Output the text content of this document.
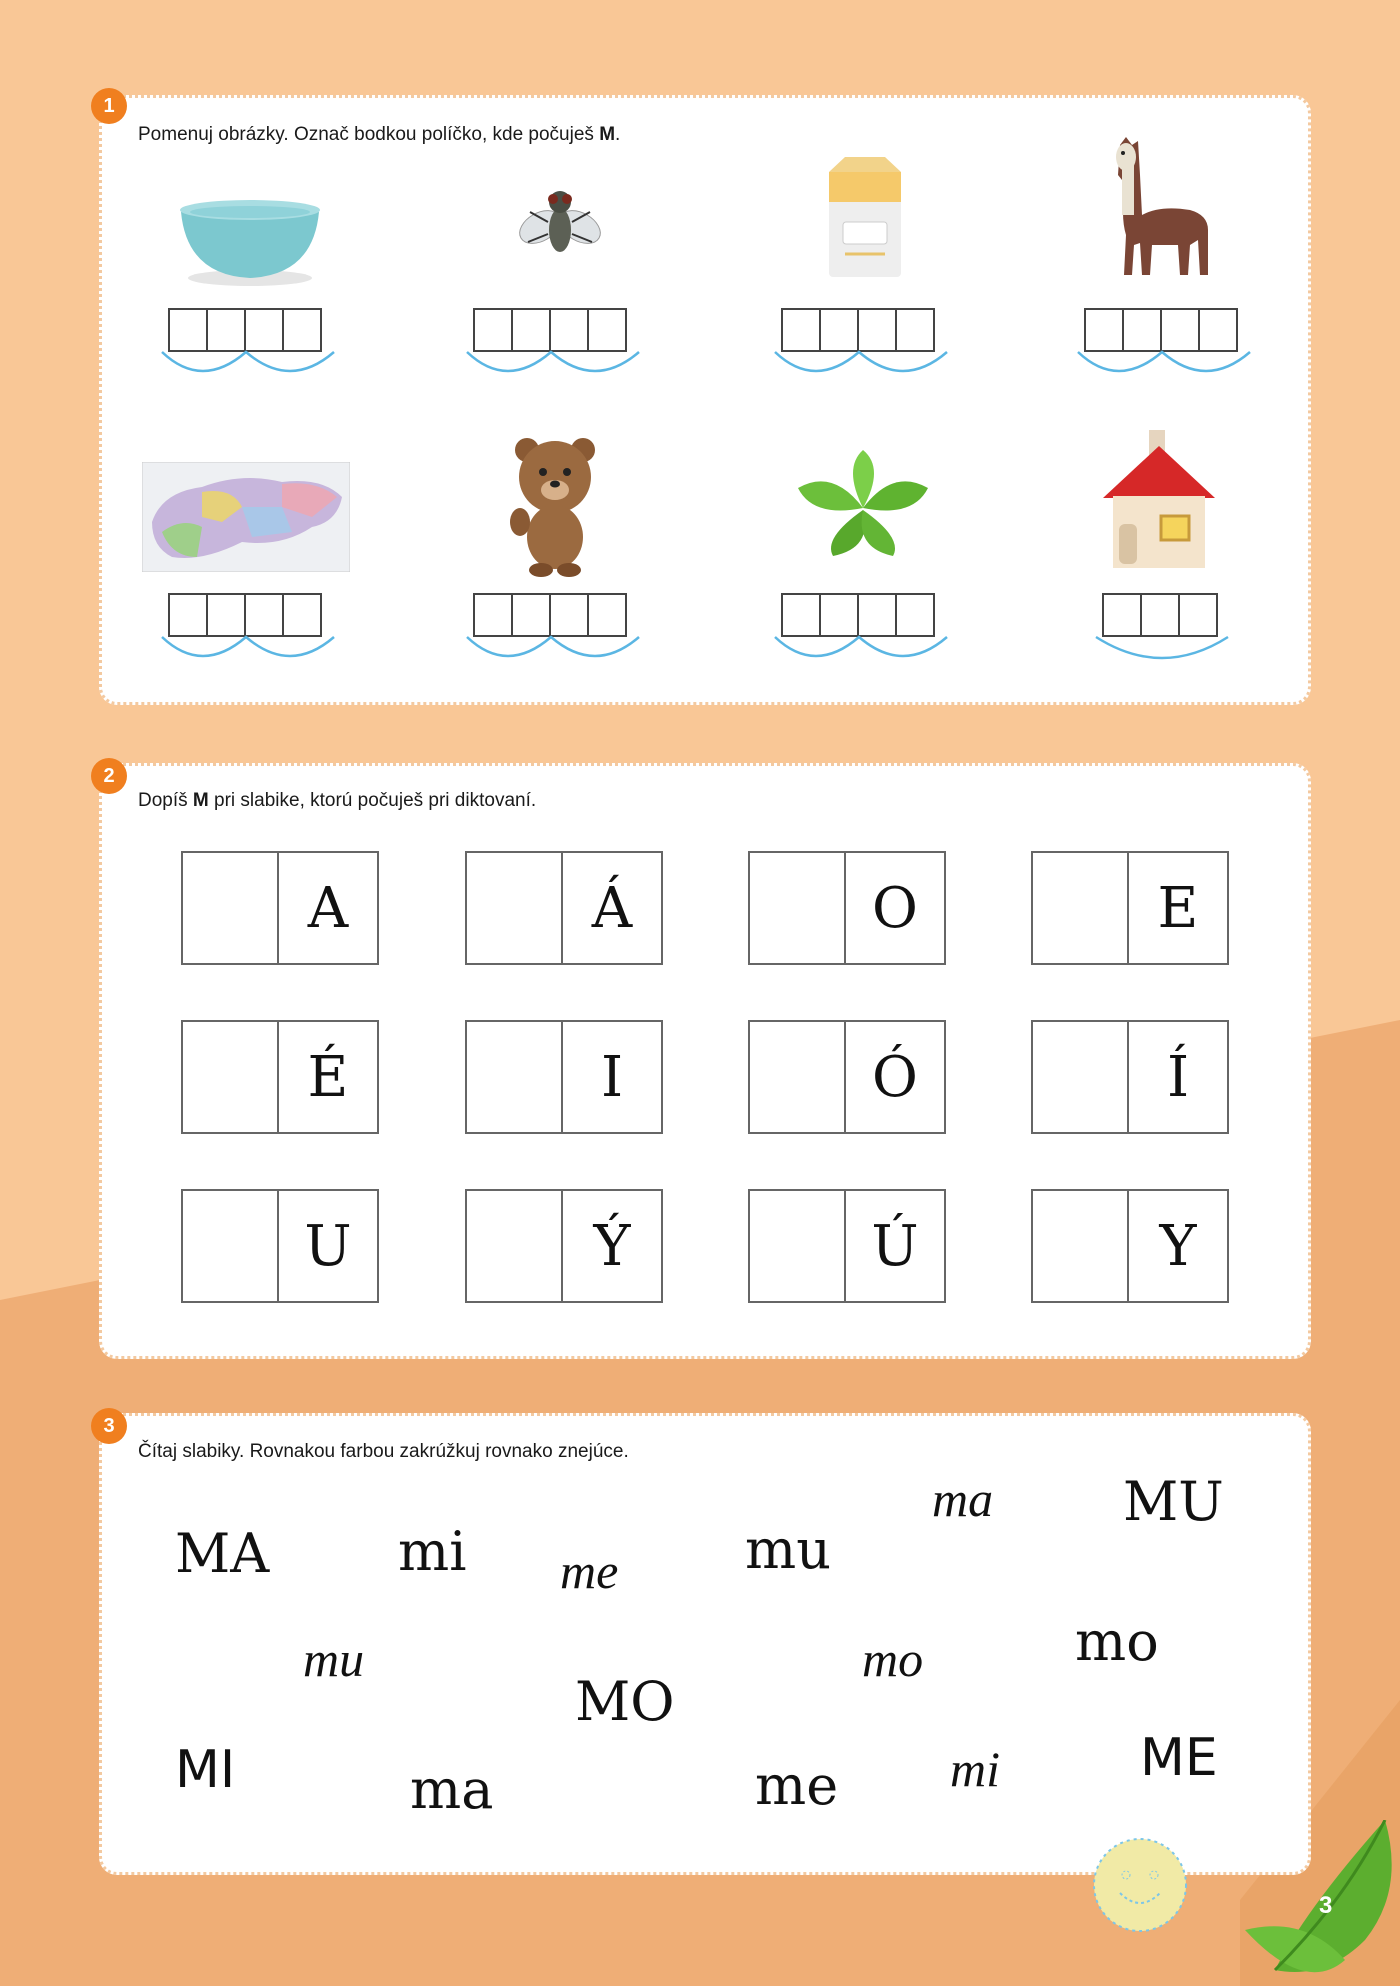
1
Pomenuj obrázky. Označ bodkou políčko, kde počuješ M.
2
Dopíš M pri slabike, ktorú počuješ pri diktovaní.
A	Á	O	E
É	I	Ó	Í
U	Ý	Ú	Y
3
Čítaj slabiky. Rovnakou farbou zakrúžkuj rovnako znejúce.
MA mi me mu
ma MU
mu
MO
mo	mo
MI	ma	me mi	ME
3
